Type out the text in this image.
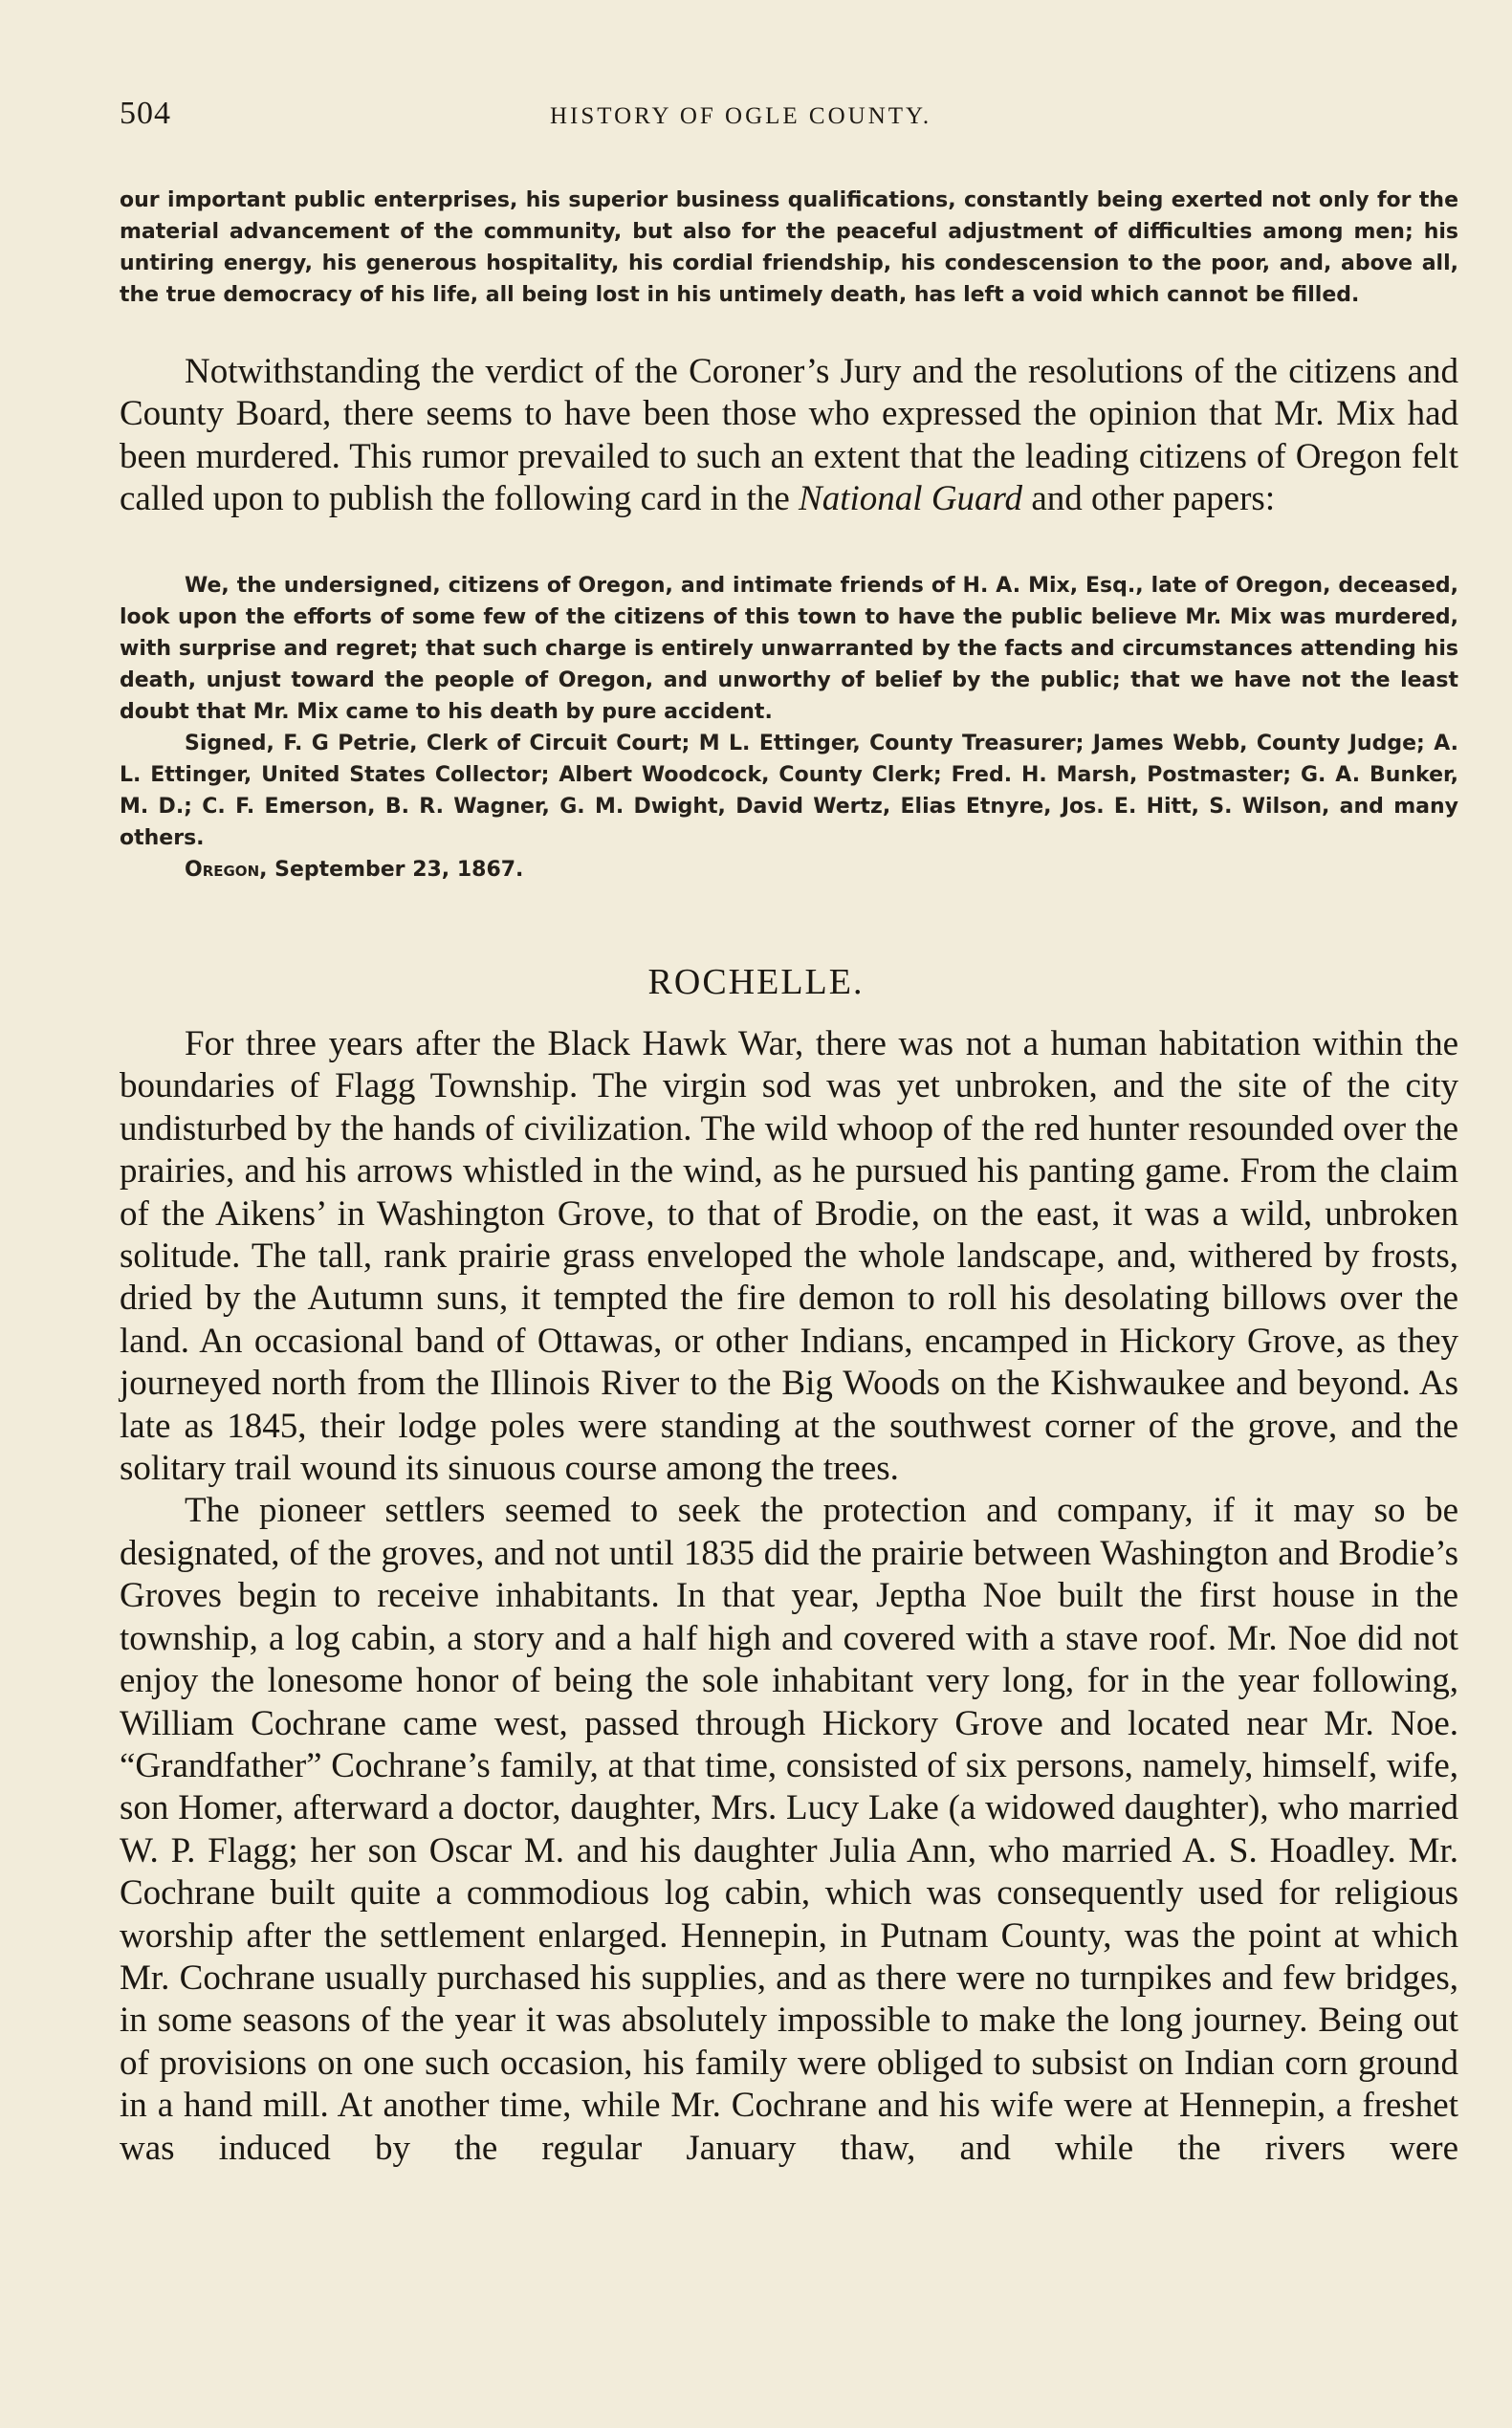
504	HISTORY OF OGLE COUNTY.

our important public enterprises, his superior business qualifications, constantly being exerted not only for the material advancement of the community, but also for the peaceful adjustment of difficulties among men; his untiring energy, his generous hospitality, his cordial friendship, his condescension to the poor, and, above all, the true democracy of his life, all being lost in his untimely death, has left a void which cannot be filled.

Notwithstanding the verdict of the Coroner’s Jury and the resolutions of the citizens and County Board, there seems to have been those who expressed the opinion that Mr. Mix had been murdered. This rumor prevailed to such an extent that the leading citizens of Oregon felt called upon to publish the following card in the National Guard and other papers:

We, the undersigned, citizens of Oregon, and intimate friends of H. A. Mix, Esq., late of Oregon, deceased, look upon the efforts of some few of the citizens of this town to have the public believe Mr. Mix was murdered, with surprise and regret; that such charge is entirely unwarranted by the facts and circumstances attending his death, unjust toward the people of Oregon, and unworthy of belief by the public; that we have not the least doubt that Mr. Mix came to his death by pure accident.

Signed, F. G Petrie, Clerk of Circuit Court; M L. Ettinger, County Treasurer; James Webb, County Judge; A. L. Ettinger, United States Collector; Albert Woodcock, County Clerk; Fred. H. Marsh, Postmaster; G. A. Bunker, M. D.; C. F. Emerson, B. R. Wagner, G. M. Dwight, David Wertz, Elias Etnyre, Jos. E. Hitt, S. Wilson, and many others.

Oregon, September 23, 1867.

ROCHELLE.

For three years after the Black Hawk War, there was not a human habitation within the boundaries of Flagg Township. The virgin sod was yet unbroken, and the site of the city undisturbed by the hands of civilization. The wild whoop of the red hunter resounded over the prairies, and his arrows whistled in the wind, as he pursued his panting game. From the claim of the Aikens’ in Washington Grove, to that of Brodie, on the east, it was a wild, unbroken solitude. The tall, rank prairie grass enveloped the whole landscape, and, withered by frosts, dried by the Autumn suns, it tempted the fire demon to roll his desolating billows over the land. An occasional band of Ottawas, or other Indians, encamped in Hickory Grove, as they journeyed north from the Illinois River to the Big Woods on the Kishwaukee and beyond. As late as 1845, their lodge poles were standing at the southwest corner of the grove, and the solitary trail wound its sinuous course among the trees.

The pioneer settlers seemed to seek the protection and company, if it may so be designated, of the groves, and not until 1835 did the prairie between Washington and Brodie’s Groves begin to receive inhabitants. In that year, Jeptha Noe built the first house in the township, a log cabin, a story and a half high and covered with a stave roof. Mr. Noe did not enjoy the lonesome honor of being the sole inhabitant very long, for in the year following, William Cochrane came west, passed through Hickory Grove and located near Mr. Noe. “Grandfather” Cochrane’s family, at that time, consisted of six persons, namely, himself, wife, son Homer, afterward a doctor, daughter, Mrs. Lucy Lake (a widowed daughter), who married W. P. Flagg; her son Oscar M. and his daughter Julia Ann, who married A. S. Hoadley. Mr. Cochrane built quite a commodious log cabin, which was consequently used for religious worship after the settlement enlarged. Hennepin, in Putnam County, was the point at which Mr. Cochrane usually purchased his supplies, and as there were no turnpikes and few bridges, in some seasons of the year it was absolutely impossible to make the long journey. Being out of provisions on one such occasion, his family were obliged to subsist on Indian corn ground in a hand mill. At another time, while Mr. Cochrane and his wife were at Hennepin, a freshet was induced by the regular January thaw, and while the rivers were
